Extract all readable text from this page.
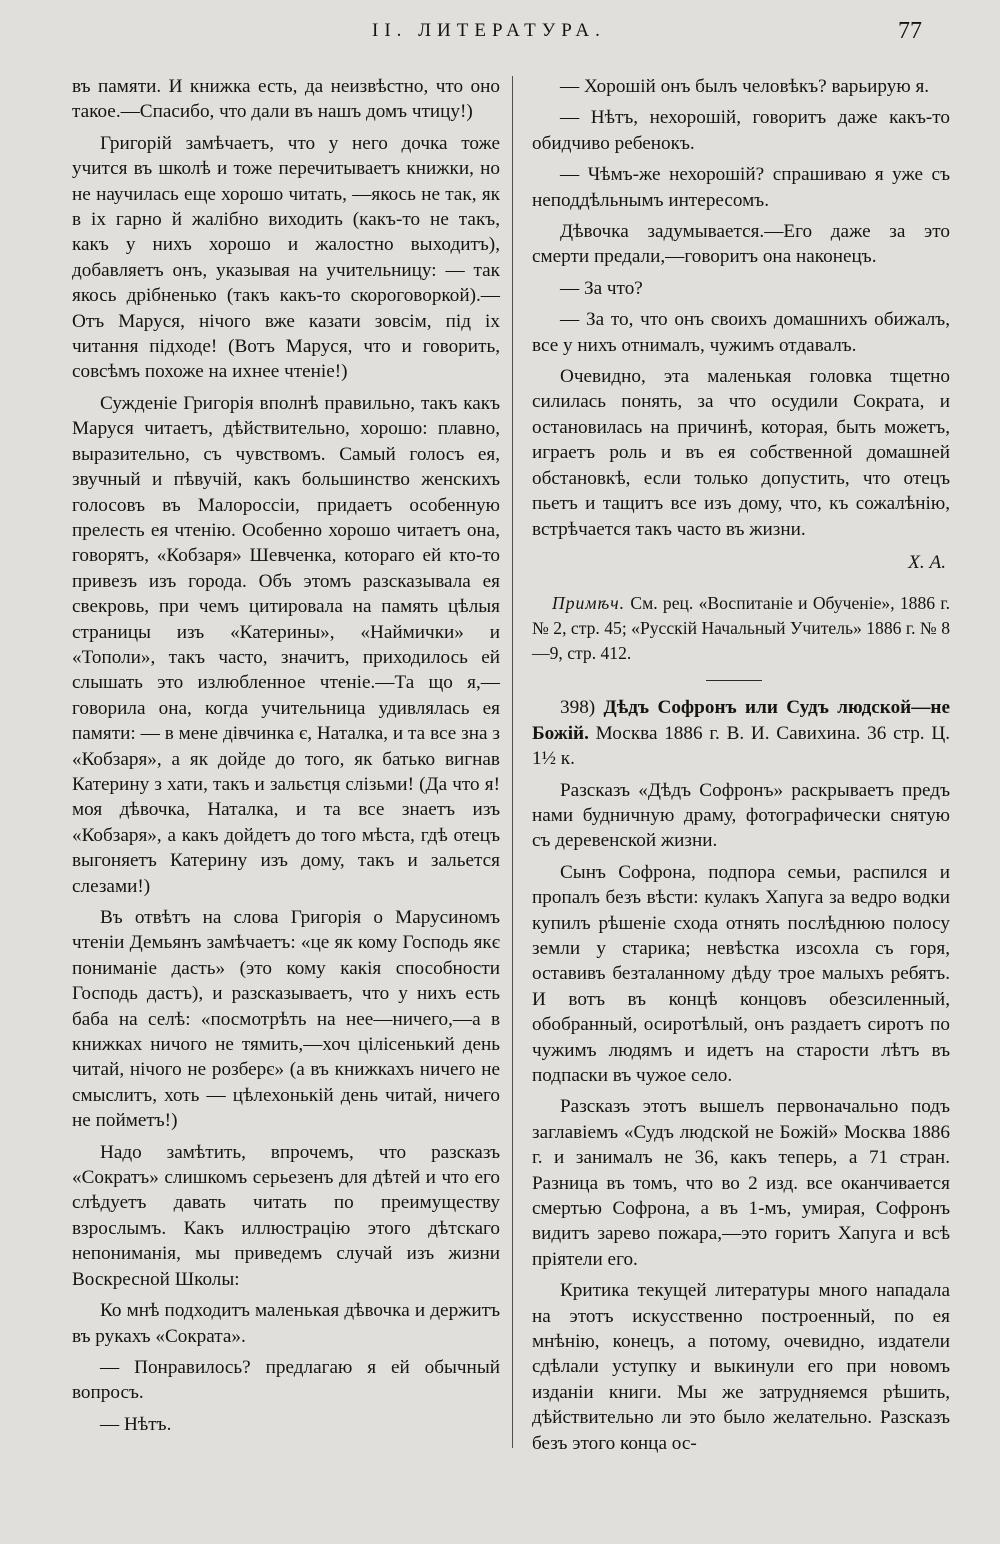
II. ЛИТЕРАТУРА.	77

въ памяти. И книжка есть, да неизвѣстно, что оно такое.—Спасибо, что дали въ нашъ домъ чтицу!)

Григорій замѣчаетъ, что у него дочка тоже учится въ школѣ и тоже перечитываетъ книжки, но не научилась еще хорошо читать, —якось не так, як в іх гарно й жалібно виходить (какъ-то не такъ, какъ у нихъ хорошо и жалостно выходитъ), добавляетъ онъ, указывая на учительницу: — так якось дрібненько (такъ какъ-то скороговоркой).—Отъ Маруся, нічого вже казати зовсім, під іх читання підходе! (Вотъ Маруся, что и говорить, совсѣмъ похоже на ихнее чтеніе!)

Сужденіе Григорія вполнѣ правильно, такъ какъ Маруся читаетъ, дѣйствительно, хорошо: плавно, выразительно, съ чувствомъ. Самый голосъ ея, звучный и пѣвучій, какъ большинство женскихъ голосовъ въ Малороссіи, придаетъ особенную прелесть ея чтенію. Особенно хорошо читаетъ она, говорятъ, «Кобзаря» Шевченка, котораго ей кто-то привезъ изъ города. Объ этомъ разсказывала ея свекровь, при чемъ цитировала на память цѣлыя страницы изъ «Катерины», «Наймички» и «Тополи», такъ часто, значитъ, приходилось ей слышать это излюбленное чтеніе.—Та що я,—говорила она, когда учительница удивлялась ея памяти: — в мене дівчинка є, Наталка, и та все зна з «Кобзаря», а як дойде до того, як батько вигнав Катерину з хати, такъ и зальєтця слізьми! (Да что я! моя дѣвочка, Наталка, и та все знаетъ изъ «Кобзаря», а какъ дойдетъ до того мѣста, гдѣ отецъ выгоняетъ Катерину изъ дому, такъ и зальется слезами!)

Въ отвѣтъ на слова Григорія о Марусиномъ чтеніи Демьянъ замѣчаетъ: «це як кому Господь якє пониманіе дасть» (это кому какія способности Господь дастъ), и разсказываетъ, что у нихъ есть баба на селѣ: «посмотрѣть на нее—ничего,—а в книжках ничого не тямить,—хоч цілісенький день читай, нічого не розберє» (а въ книжкахъ ничего не смыслитъ, хоть — цѣлехонькій день читай, ничего не пойметъ!)

Надо замѣтить, впрочемъ, что разсказъ «Сократъ» слишкомъ серьезенъ для дѣтей и что его слѣдуетъ давать читать по преимуществу взрослымъ. Какъ иллюстрацію этого дѣтскаго непониманія, мы приведемъ случай изъ жизни Воскресной Школы:

Ко мнѣ подходитъ маленькая дѣвочка и держитъ въ рукахъ «Сократа».

— Понравилось? предлагаю я ей обычный вопросъ.

— Нѣтъ.

— Хорошій онъ былъ человѣкъ? варьирую я.

— Нѣтъ, нехорошій, говоритъ даже какъ-то обидчиво ребенокъ.

— Чѣмъ-же нехорошій? спрашиваю я уже съ неподдѣльнымъ интересомъ.

Дѣвочка задумывается.—Его даже за это смерти предали,—говоритъ она наконецъ.

— За что?

— За то, что онъ своихъ домашнихъ обижалъ, все у нихъ отнималъ, чужимъ отдавалъ.

Очевидно, эта маленькая головка тщетно силилась понять, за что осудили Сократа, и остановилась на причинѣ, которая, быть можетъ, играетъ роль и въ ея собственной домашней обстановкѣ, если только допустить, что отецъ пьетъ и тащитъ все изъ дому, что, къ сожалѣнію, встрѣчается такъ часто въ жизни.

Х. А.

Примѣч. См. рец. «Воспитаніе и Обученіе», 1886 г. № 2, стр. 45; «Русскій Начальный Учитель» 1886 г. № 8—9, стр. 412.

398) Дѣдъ Софронъ или Судъ людской—не Божій. Москва 1886 г. В. И. Савихина. 36 стр. Ц. 1½ к.

Разсказъ «Дѣдъ Софронъ» раскрываетъ предъ нами будничную драму, фотографически снятую съ деревенской жизни.

Сынъ Софрона, подпора семьи, распился и пропалъ безъ вѣсти: кулакъ Хапуга за ведро водки купилъ рѣшеніе схода отнять послѣднюю полосу земли у старика; невѣстка изсохла съ горя, оставивъ безталанному дѣду трое малыхъ ребятъ. И вотъ въ концѣ концовъ обезсиленный, обобранный, осиротѣлый, онъ раздаетъ сиротъ по чужимъ людямъ и идетъ на старости лѣтъ въ подпаски въ чужое село.

Разсказъ этотъ вышелъ первоначально подъ заглавіемъ «Судъ людской не Божій» Москва 1886 г. и занималъ не 36, какъ теперь, а 71 стран. Разница въ томъ, что во 2 изд. все оканчивается смертью Софрона, а въ 1-мъ, умирая, Софронъ видитъ зарево пожара,—это горитъ Хапуга и всѣ пріятели его.

Критика текущей литературы много нападала на этотъ искусственно построенный, по ея мнѣнію, конецъ, а потому, очевидно, издатели сдѣлали уступку и выкинули его при новомъ изданіи книги. Мы же затрудняемся рѣшить, дѣйствительно ли это было желательно. Разсказъ безъ этого конца ос-
